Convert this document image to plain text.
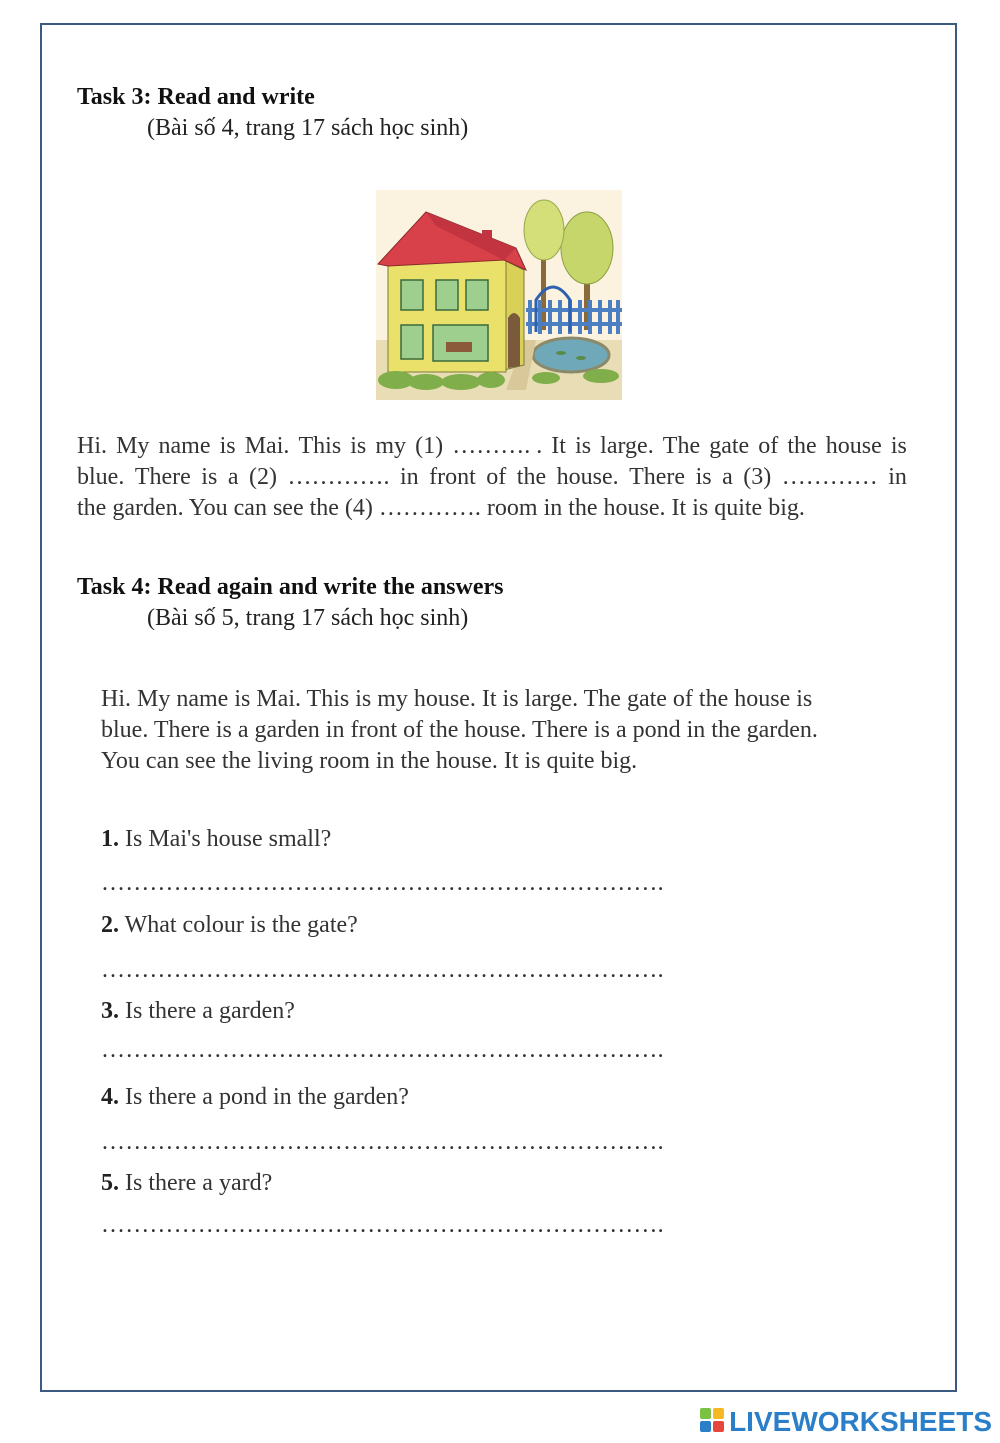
Task 3: Read and write
(Bài số 4, trang 17 sách học sinh)
Hi. My name is Mai. This is my (1) ………. . It is large. The gate of the house is
blue. There is a (2) …………. in front of the house. There is a (3) ………… in
the garden. You can see the (4) …………. room in the house. It is quite big.
Task 4: Read again and write the answers
(Bài số 5, trang 17 sách học sinh)
Hi. My name is Mai. This is my house. It is large. The gate of the house is
blue. There is a garden in front of the house. There is a pond in the garden.
You can see the living room in the house. It is quite big.
1. Is Mai's house small?
…………………………………………………………….
2. What colour is the gate?
…………………………………………………………….
3. Is there a garden?
…………………………………………………………….
4. Is there a pond in the garden?
…………………………………………………………….
5. Is there a yard?
…………………………………………………………….
LIVEWORKSHEETS
